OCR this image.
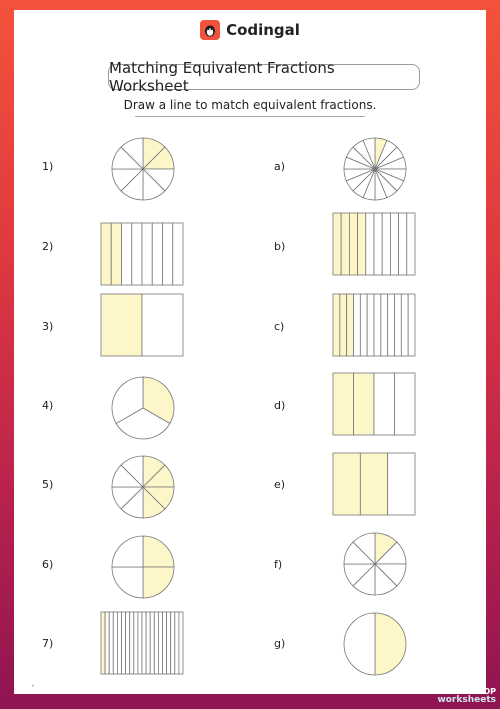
Codingal
Matching Equivalent Fractions Worksheet
Draw a line to match equivalent fractions.
1)
2)
3)
4)
5)
6)
7)
a)
b)
c)
d)
e)
f)
g)
•	TOP
worksheets
